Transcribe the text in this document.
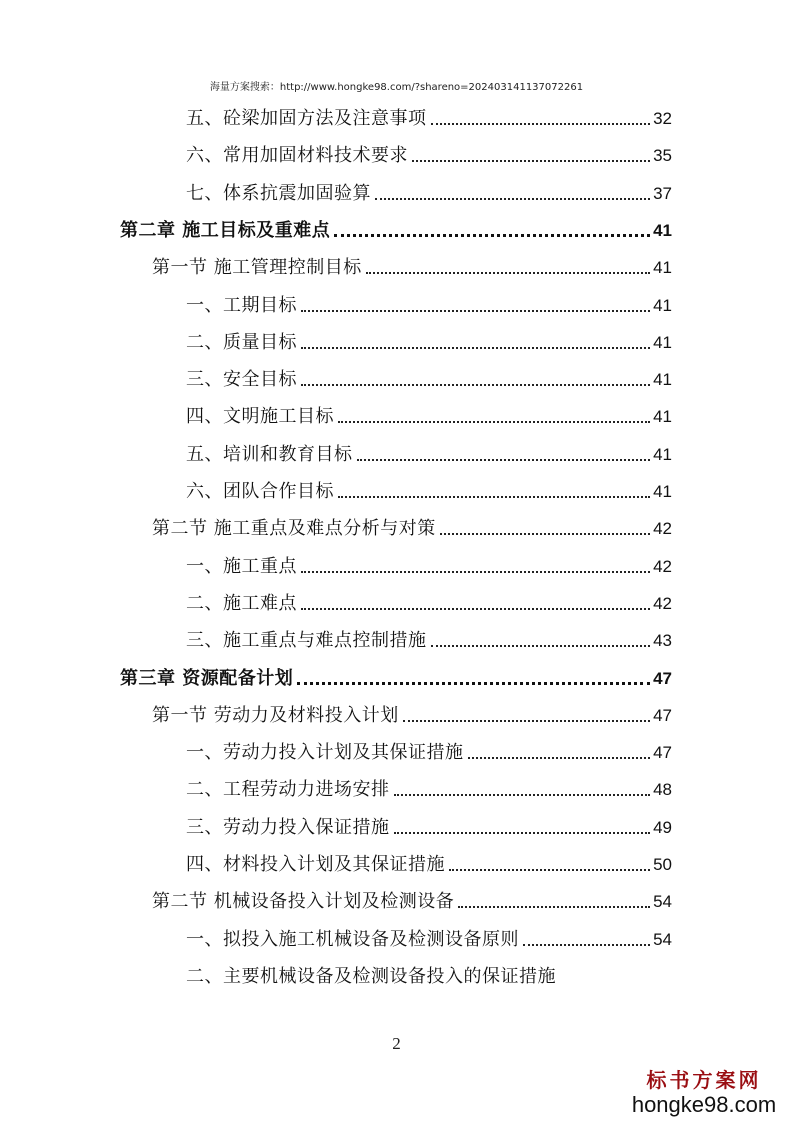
海量方案搜索：http://www.hongke98.com/?shareno=202403141137072261
五、砼梁加固方法及注意事项	32
六、常用加固材料技术要求	35
七、体系抗震加固验算	37
第二章 施工目标及重难点	41
第一节 施工管理控制目标	41
一、工期目标	41
二、质量目标	41
三、安全目标	41
四、文明施工目标	41
五、培训和教育目标	41
六、团队合作目标	41
第二节 施工重点及难点分析与对策	42
一、施工重点	42
二、施工难点	42
三、施工重点与难点控制措施	43
第三章 资源配备计划	47
第一节 劳动力及材料投入计划	47
一、劳动力投入计划及其保证措施	47
二、工程劳动力进场安排	48
三、劳动力投入保证措施	49
四、材料投入计划及其保证措施	50
第二节 机械设备投入计划及检测设备	54
一、拟投入施工机械设备及检测设备原则	54
二、主要机械设备及检测设备投入的保证措施
2
标书方案网
hongke98.com
